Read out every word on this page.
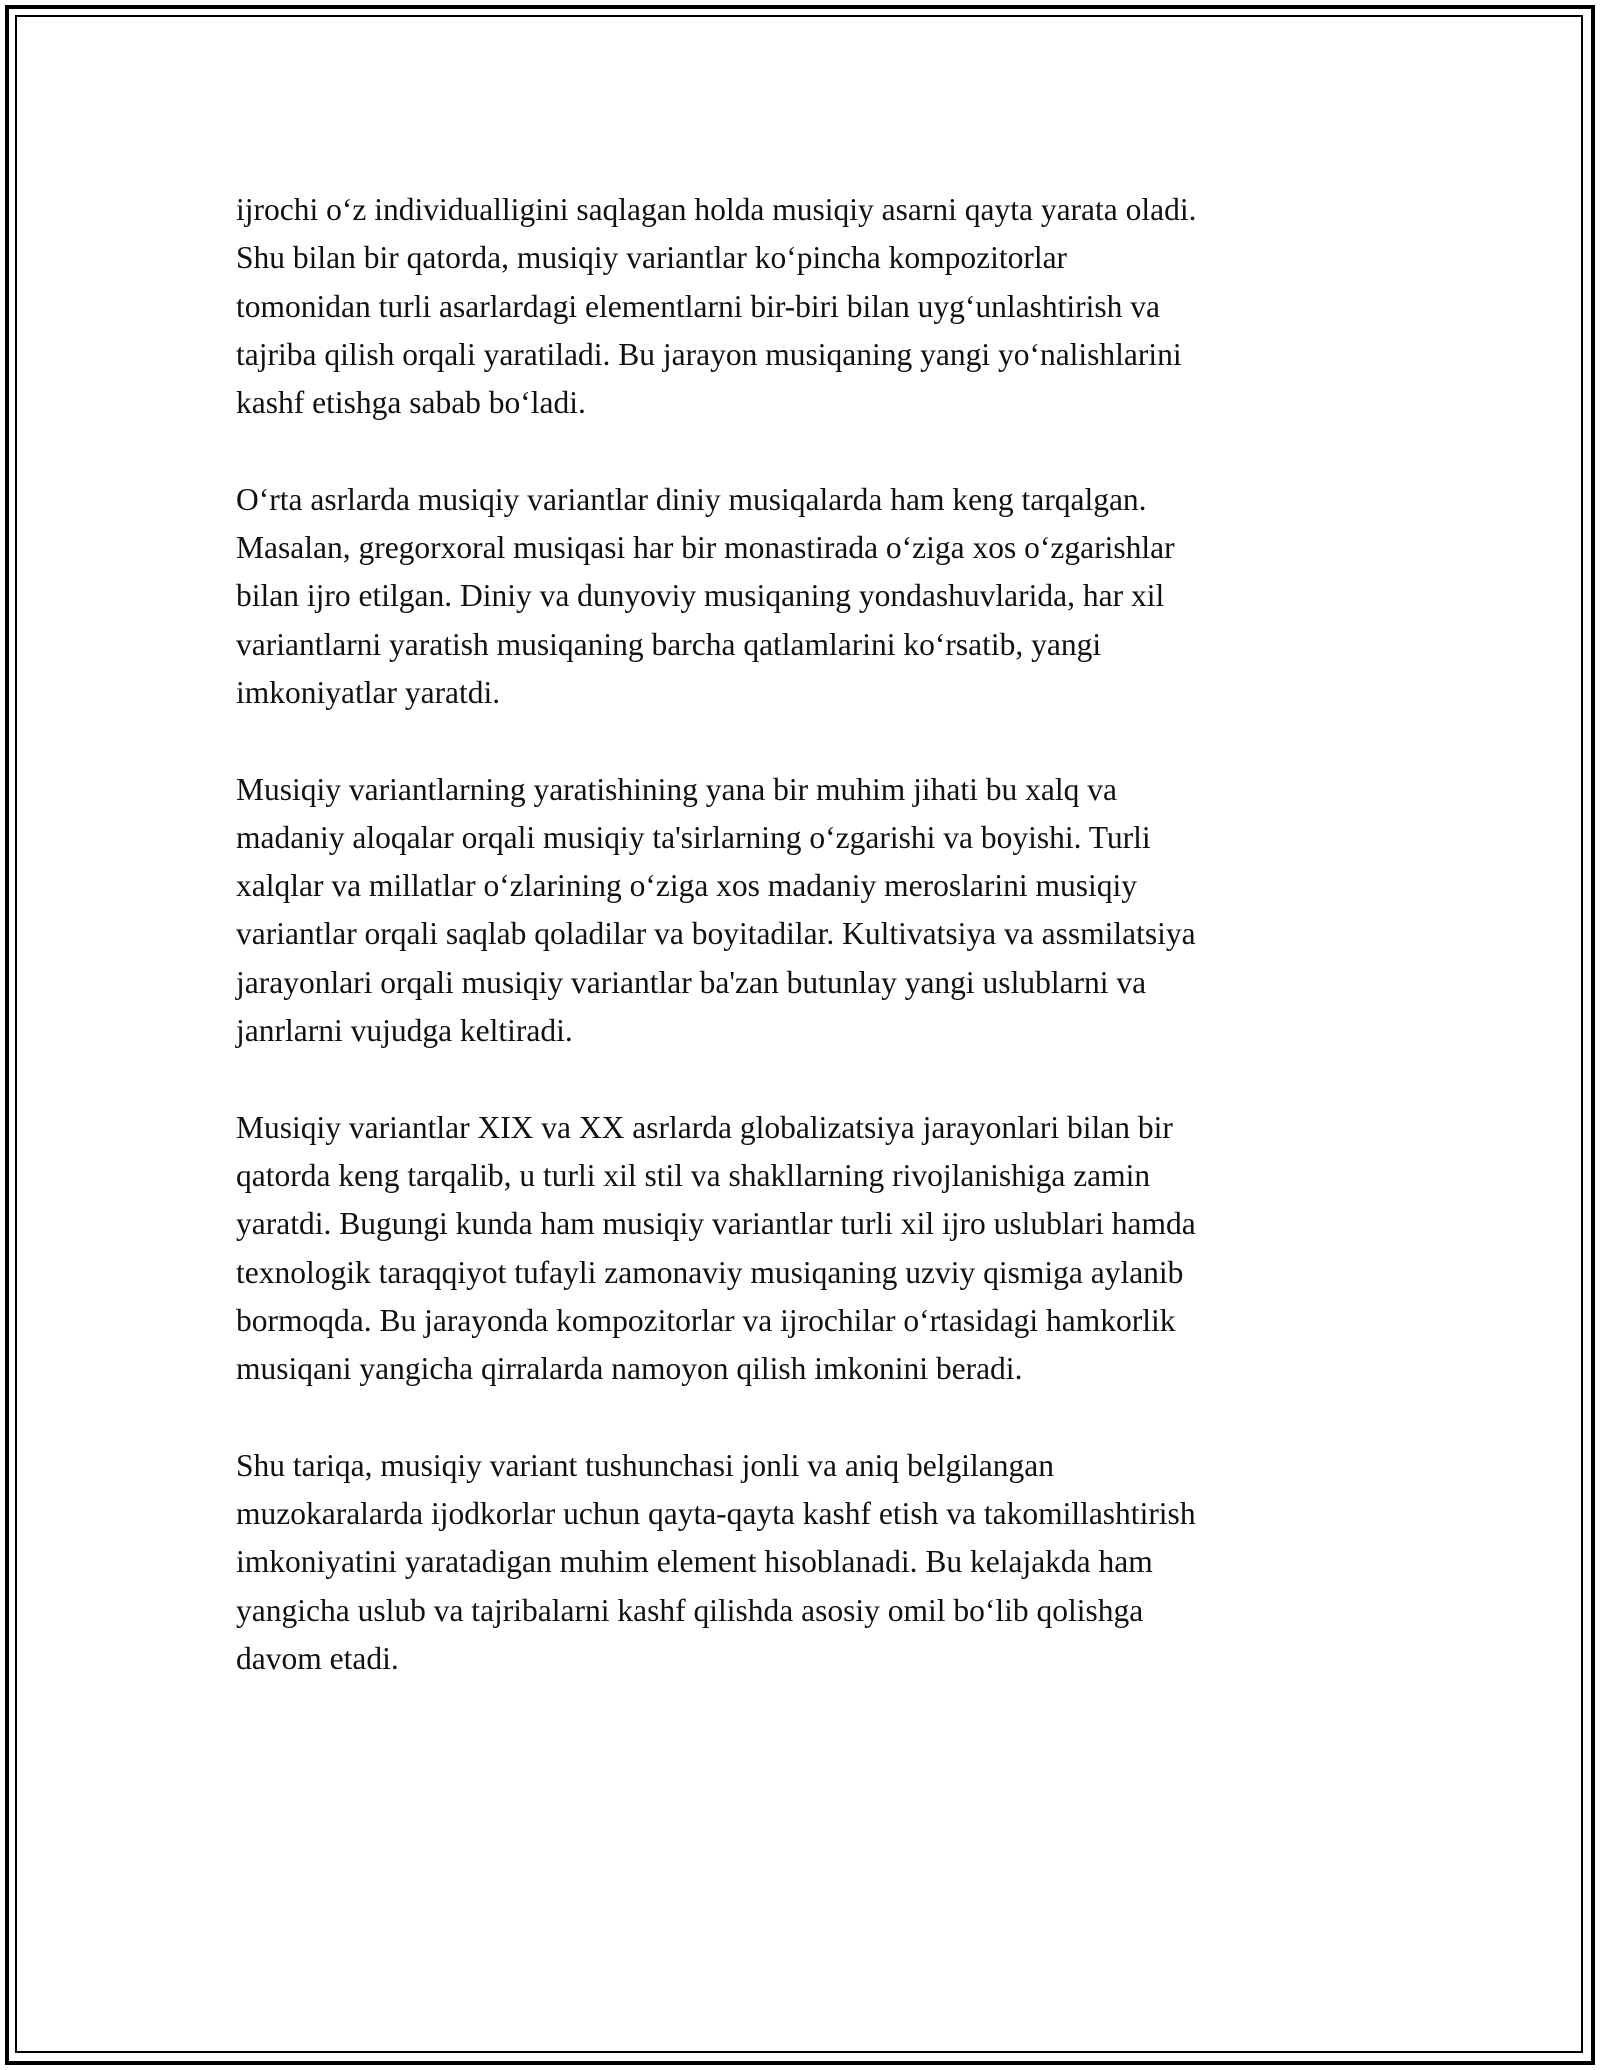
ijrochi o‘z individualligini saqlagan holda musiqiy asarni qayta yarata oladi.
Shu bilan bir qatorda, musiqiy variantlar ko‘pincha kompozitorlar
tomonidan turli asarlardagi elementlarni bir-biri bilan uyg‘unlashtirish va
tajriba qilish orqali yaratiladi. Bu jarayon musiqaning yangi yo‘nalishlarini
kashf etishga sabab bo‘ladi.

O‘rta asrlarda musiqiy variantlar diniy musiqalarda ham keng tarqalgan.
Masalan, gregorxoral musiqasi har bir monastirada o‘ziga xos o‘zgarishlar
bilan ijro etilgan. Diniy va dunyoviy musiqaning yondashuvlarida, har xil
variantlarni yaratish musiqaning barcha qatlamlarini ko‘rsatib, yangi
imkoniyatlar yaratdi.

Musiqiy variantlarning yaratishining yana bir muhim jihati bu xalq va
madaniy aloqalar orqali musiqiy ta'sirlarning o‘zgarishi va boyishi. Turli
xalqlar va millatlar o‘zlarining o‘ziga xos madaniy meroslarini musiqiy
variantlar orqali saqlab qoladilar va boyitadilar. Kultivatsiya va assmilatsiya
jarayonlari orqali musiqiy variantlar ba'zan butunlay yangi uslublarni va
janrlarni vujudga keltiradi.

Musiqiy variantlar XIX va XX asrlarda globalizatsiya jarayonlari bilan bir
qatorda keng tarqalib, u turli xil stil va shakllarning rivojlanishiga zamin
yaratdi. Bugungi kunda ham musiqiy variantlar turli xil ijro uslublari hamda
texnologik taraqqiyot tufayli zamonaviy musiqaning uzviy qismiga aylanib
bormoqda. Bu jarayonda kompozitorlar va ijrochilar o‘rtasidagi hamkorlik
musiqani yangicha qirralarda namoyon qilish imkonini beradi.

Shu tariqa, musiqiy variant tushunchasi jonli va aniq belgilangan
muzokaralarda ijodkorlar uchun qayta-qayta kashf etish va takomillashtirish
imkoniyatini yaratadigan muhim element hisoblanadi. Bu kelajakda ham
yangicha uslub va tajribalarni kashf qilishda asosiy omil bo‘lib qolishga
davom etadi.
